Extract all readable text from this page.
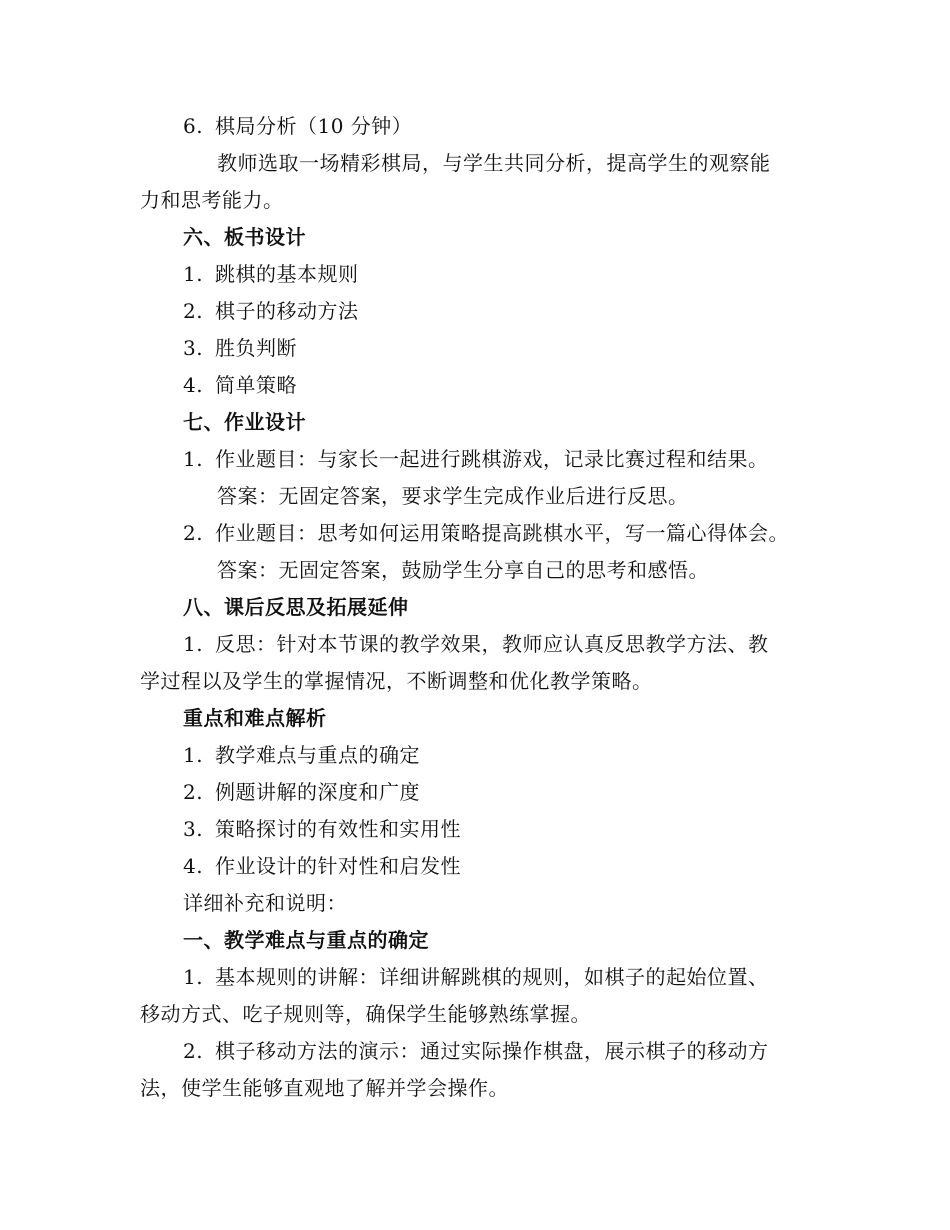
6. 棋局分析（10 分钟）
教师选取一场精彩棋局，与学生共同分析，提高学生的观察能
力和思考能力。
六、板书设计
1. 跳棋的基本规则
2. 棋子的移动方法
3. 胜负判断
4. 简单策略
七、作业设计
1. 作业题目：与家长一起进行跳棋游戏，记录比赛过程和结果。
答案：无固定答案，要求学生完成作业后进行反思。
2. 作业题目：思考如何运用策略提高跳棋水平，写一篇心得体会。
答案：无固定答案，鼓励学生分享自己的思考和感悟。
八、课后反思及拓展延伸
1. 反思：针对本节课的教学效果，教师应认真反思教学方法、教
学过程以及学生的掌握情况，不断调整和优化教学策略。
重点和难点解析
1. 教学难点与重点的确定
2. 例题讲解的深度和广度
3. 策略探讨的有效性和实用性
4. 作业设计的针对性和启发性
详细补充和说明：
一、教学难点与重点的确定
1. 基本规则的讲解：详细讲解跳棋的规则，如棋子的起始位置、
移动方式、吃子规则等，确保学生能够熟练掌握。
2. 棋子移动方法的演示：通过实际操作棋盘，展示棋子的移动方
法，使学生能够直观地了解并学会操作。
